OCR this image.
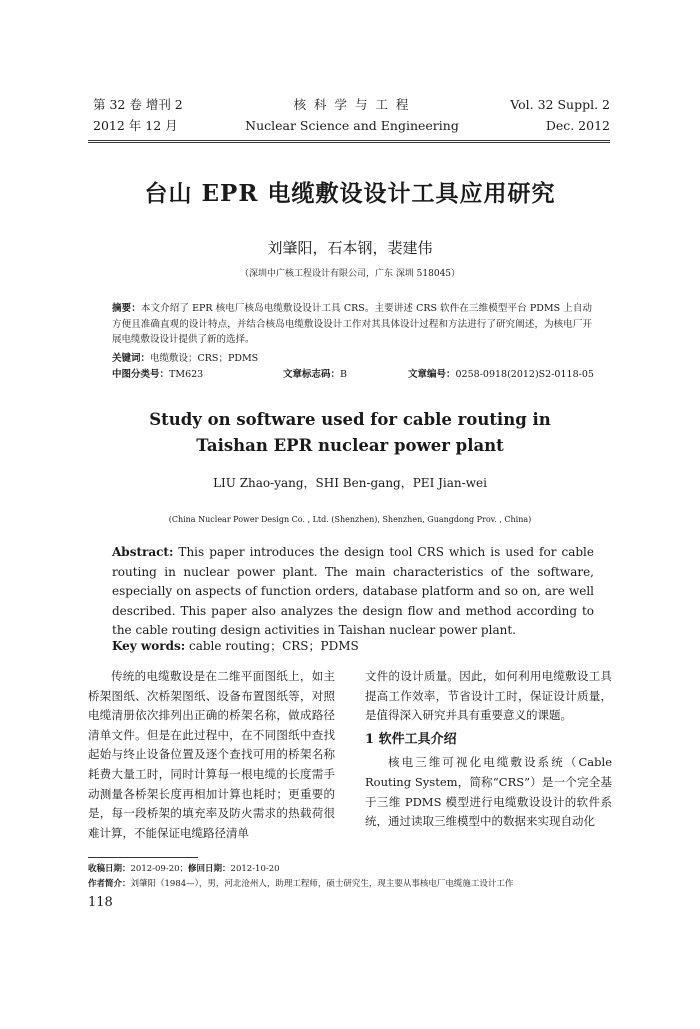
第 32 卷 增刊 2
2012 年 12 月
核 科 学 与 工 程
Nuclear Science and Engineering
Vol. 32 Suppl. 2
Dec. 2012
台山 EPR 电缆敷设设计工具应用研究
刘肇阳，石本钢，裴建伟
（深圳中广核工程设计有限公司，广东 深圳 518045）
摘要：本文介绍了 EPR 核电厂核岛电缆敷设设计工具 CRS。主要讲述 CRS 软件在三维模型平台 PDMS 上自动方便且准确直观的设计特点，并结合核岛电缆敷设设计工作对其具体设计过程和方法进行了研究阐述，为核电厂开展电缆敷设设计提供了新的选择。
关键词：电缆敷设；CRS；PDMS
中图分类号：TM623	文章标志码：B	文章编号：0258-0918(2012)S2-0118-05
Study on software used for cable routing in
Taishan EPR nuclear power plant
LIU Zhao-yang，SHI Ben-gang，PEI Jian-wei
(China Nuclear Power Design Co. , Ltd. (Shenzhen), Shenzhen, Guangdong Prov. , China)
Abstract: This paper introduces the design tool CRS which is used for cable routing in nuclear power plant. The main characteristics of the software, especially on aspects of function orders, database platform and so on, are well described. This paper also analyzes the design flow and method according to the cable routing design activities in Taishan nuclear power plant.
Key words: cable routing；CRS；PDMS

传统的电缆敷设是在二维平面图纸上，如主桥架图纸、次桥架图纸、设备布置图纸等，对照电缆清册依次排列出正确的桥架名称，做成路径清单文件。但是在此过程中，在不同图纸中查找起始与终止设备位置及逐个查找可用的桥架名称耗费大量工时，同时计算每一根电缆的长度需手动测量各桥架长度再相加计算也耗时；更重要的是，每一段桥架的填充率及防火需求的热载荷很难计算，不能保证电缆路径清单

文件的设计质量。因此，如何利用电缆敷设工具提高工作效率，节省设计工时，保证设计质量，是值得深入研究并具有重要意义的课题。

1 软件工具介绍

核电三维可视化电缆敷设系统（Cable Routing System，简称“CRS”）是一个完全基于三维 PDMS 模型进行电缆敷设设计的软件系统，通过读取三维模型中的数据来实现自动化

收稿日期：2012-09-20；修回日期：2012-10-20
作者简介：刘肇阳（1984—），男，河北沧州人，助理工程师，硕士研究生，现主要从事核电厂电缆施工设计工作
118
